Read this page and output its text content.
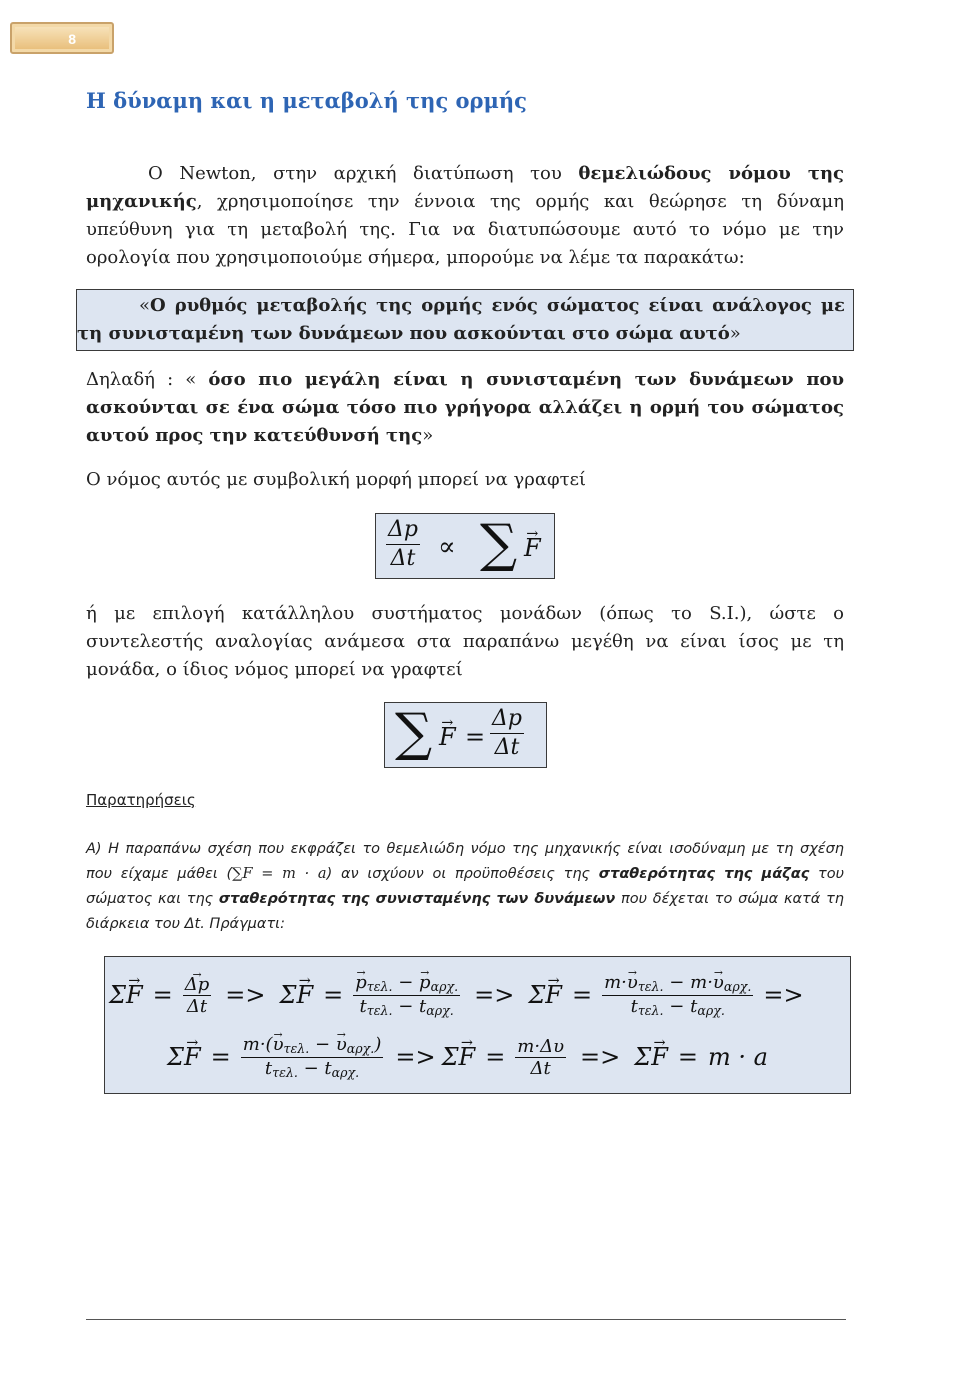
8
Η δύναμη και η μεταβολή της ορμής

Ο Newton, στην αρχική διατύπωση του θεμελιώδους νόμου της μηχανικής, χρησιμοποίησε την έννοια της ορμής και θεώρησε τη δύναμη υπεύθυνη για τη μεταβολή της. Για να διατυπώσουμε αυτό το νόμο με την ορολογία που χρησιμοποιούμε σήμερα, μπορούμε να λέμε τα παρακάτω:

«Ο ρυθμός μεταβολής της ορμής ενός σώματος είναι ανάλογος με τη συνισταμένη των δυνάμεων που ασκούνται στο σώμα αυτό»

Δηλαδή : « όσο πιο μεγάλη είναι η συνισταμένη των δυνάμεων που ασκούνται σε ένα σώμα τόσο πιο γρήγορα αλλάζει η ορμή του σώματος αυτού προς την κατεύθυνσή της»

Ο νόμος αυτός με συμβολική μορφή μπορεί να γραφτεί

$\frac{\Delta p}{\Delta t}$ ∝ ∑
→ F

ή με επιλογή κατάλληλου συστήματος μονάδων (όπως το S.I.), ώστε ο συντελεστής αναλογίας ανάμεσα στα παραπάνω μεγέθη να είναι ίσος με τη μονάδα, ο ίδιος νόμος μπορεί να γραφτεί

∑
→ $F = \frac{\Delta p}{\Delta t}$
Παρατηρήσεις

Α) Η παραπάνω σχέση που εκφράζει το θεμελιώδη νόμο της μηχανικής είναι ισοδύναμη με τη σχέση που είχαμε μάθει (∑F = m · a) αν ισχύουν οι προϋποθέσεις της σταθερότητας της μάζας του σώματος και της σταθερότητας της συνισταμένης των δυνάμεων που δέχεται το σώμα κατά τη διάρκεια του Δt. Πράγματι:

Σ
→ F =
→ $\frac{\Delta p}{\Delta t} => \Sigma$
→ F =
→ $\frac{p_{\tau\varepsilon\lambda.} - \to p_{\alpha\rho\chi.}}{t_{\tau\varepsilon\lambda.} - t_{\alpha\rho\chi.}} => \Sigma$
→ $F = \frac{m\cdot\to \upsilon_{\tau\varepsilon\lambda.} - m\cdot\to \upsilon_{\alpha\rho\chi.}}{t_{\tau\varepsilon\lambda.} - t_{\alpha\rho\chi.}}$ =>
Σ
→ $F = \frac{m\cdot(\to \upsilon_{\tau\varepsilon\lambda.} - \to \upsilon_{\alpha\rho\chi.})}{t_{\tau\varepsilon\lambda.} - t_{\alpha\rho\chi.}} => \Sigma$
→ $F = \frac{m\cdot\Delta\upsilon}{\Delta t} => \Sigma$
→ F = m · a
